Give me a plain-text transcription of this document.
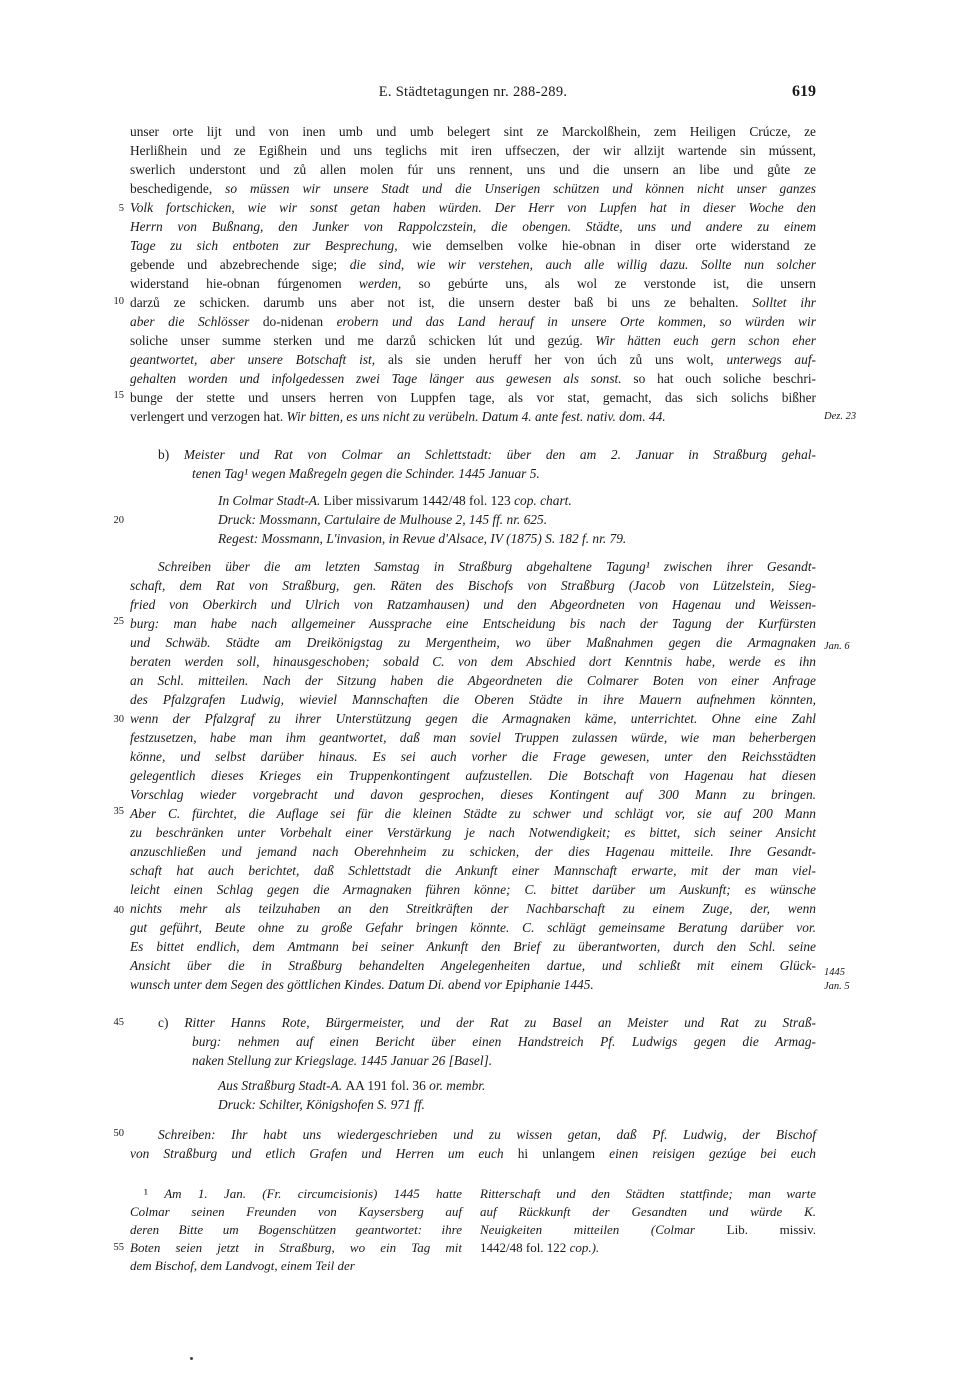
E. Städtetagungen nr. 288-289.	619
5
10
15
20
25
30
35
40
45
50
55
Dez. 23
Jan. 6
1445
Jan. 5
unser orte lijt und von inen umb und umb belegert sint ze Marckolßhein, zem Heiligen Crúcze, ze
Herlißhein und ze Egißhein und uns teglichs mit iren uffseczen, der wir allzijt wartende sin mússent,
swerlich understont und zů allen molen fúr uns rennent, uns und die unsern an libe und gůte ze
beschedigende, so müssen wir unsere Stadt und die Unserigen schützen und können nicht unser ganzes
Volk fortschicken, wie wir sonst getan haben würden. Der Herr von Lupfen hat in dieser Woche den
Herrn von Bußnang, den Junker von Rappolczstein, die obengen. Städte, uns und andere zu einem
Tage zu sich entboten zur Besprechung, wie demselben volke hie-obnan in diser orte widerstand ze
gebende und abzebrechende sige; die sind, wie wir verstehen, auch alle willig dazu. Sollte nun solcher
widerstand hie-obnan fúrgenomen werden, so gebúrte uns, als wol ze verstonde ist, die unsern
darzů ze schicken. darumb uns aber not ist, die unsern dester baß bi uns ze behalten. Solltet ihr
aber die Schlösser do-nidenan erobern und das Land herauf in unsere Orte kommen, so würden wir
soliche unser summe sterken und me darzů schicken lút und gezúg. Wir hätten euch gern schon eher
geantwortet, aber unsere Botschaft ist, als sie unden heruff her von úch zů uns wolt, unterwegs auf-
gehalten worden und infolgedessen zwei Tage länger aus gewesen als sonst. so hat ouch soliche beschri-
bunge der stette und unsers herren von Luppfen tage, als vor stat, gemacht, das sich solichs bißher
verlengert und verzogen hat. Wir bitten, es uns nicht zu verübeln. Datum 4. ante fest. nativ. dom. 44.
b) Meister und Rat von Colmar an Schlettstadt: über den am 2. Januar in Straßburg gehal-
tenen Tag¹ wegen Maßregeln gegen die Schinder. 1445 Januar 5.
In Colmar Stadt-A. Liber missivarum 1442/48 fol. 123 cop. chart.
Druck: Mossmann, Cartulaire de Mulhouse 2, 145 ff. nr. 625.
Regest: Mossmann, L'invasion, in Revue d'Alsace, IV (1875) S. 182 f. nr. 79.
Schreiben über die am letzten Samstag in Straßburg abgehaltene Tagung¹ zwischen ihrer Gesandt-
schaft, dem Rat von Straßburg, gen. Räten des Bischofs von Straßburg (Jacob von Lützelstein, Sieg-
fried von Oberkirch und Ulrich von Ratzamhausen) und den Abgeordneten von Hagenau und Weissen-
burg: man habe nach allgemeiner Aussprache eine Entscheidung bis nach der Tagung der Kurfürsten
und Schwäb. Städte am Dreikönigstag zu Mergentheim, wo über Maßnahmen gegen die Armagnaken
beraten werden soll, hinausgeschoben; sobald C. von dem Abschied dort Kenntnis habe, werde es ihn
an Schl. mitteilen. Nach der Sitzung haben die Abgeordneten die Colmarer Boten von einer Anfrage
des Pfalzgrafen Ludwig, wieviel Mannschaften die Oberen Städte in ihre Mauern aufnehmen könnten,
wenn der Pfalzgraf zu ihrer Unterstützung gegen die Armagnaken käme, unterrichtet. Ohne eine Zahl
festzusetzen, habe man ihm geantwortet, daß man soviel Truppen zulassen würde, wie man beherbergen
könne, und selbst darüber hinaus. Es sei auch vorher die Frage gewesen, unter den Reichsstädten
gelegentlich dieses Krieges ein Truppenkontingent aufzustellen. Die Botschaft von Hagenau hat diesen
Vorschlag wieder vorgebracht und davon gesprochen, dieses Kontingent auf 300 Mann zu bringen.
Aber C. fürchtet, die Auflage sei für die kleinen Städte zu schwer und schlägt vor, sie auf 200 Mann
zu beschränken unter Vorbehalt einer Verstärkung je nach Notwendigkeit; es bittet, sich seiner Ansicht
anzuschließen und jemand nach Oberehnheim zu schicken, der dies Hagenau mitteile. Ihre Gesandt-
schaft hat auch berichtet, daß Schlettstadt die Ankunft einer Mannschaft erwarte, mit der man viel-
leicht einen Schlag gegen die Armagnaken führen könne; C. bittet darüber um Auskunft; es wünsche
nichts mehr als teilzuhaben an den Streitkräften der Nachbarschaft zu einem Zuge, der, wenn
gut geführt, Beute ohne zu große Gefahr bringen könnte. C. schlägt gemeinsame Beratung darüber vor.
Es bittet endlich, dem Amtmann bei seiner Ankunft den Brief zu überantworten, durch den Schl. seine
Ansicht über die in Straßburg behandelten Angelegenheiten dartue, und schließt mit einem Glück-
wunsch unter dem Segen des göttlichen Kindes. Datum Di. abend vor Epiphanie 1445.
c) Ritter Hanns Rote, Bürgermeister, und der Rat zu Basel an Meister und Rat zu Straß-
burg: nehmen auf einen Bericht über einen Handstreich Pf. Ludwigs gegen die Armag-
naken Stellung zur Kriegslage. 1445 Januar 26 [Basel].
Aus Straßburg Stadt-A. AA 191 fol. 36 or. membr.
Druck: Schilter, Königshofen S. 971 ff.
Schreiben: Ihr habt uns wiedergeschrieben und zu wissen getan, daß Pf. Ludwig, der Bischof
von Straßburg und etlich Grafen und Herren um euch hi unlangem einen reisigen gezúge bei euch
¹ Am 1. Jan. (Fr. circumcisionis) 1445 hatte
Colmar seinen Freunden von Kaysersberg auf
deren Bitte um Bogenschützen geantwortet: ihre
Boten seien jetzt in Straßburg, wo ein Tag mit
dem Bischof, dem Landvogt, einem Teil der
Ritterschaft und den Städten stattfinde; man warte
auf Rückkunft der Gesandten und würde K.
Neuigkeiten mitteilen (Colmar Lib. missiv.
1442/48 fol. 122 cop.).
